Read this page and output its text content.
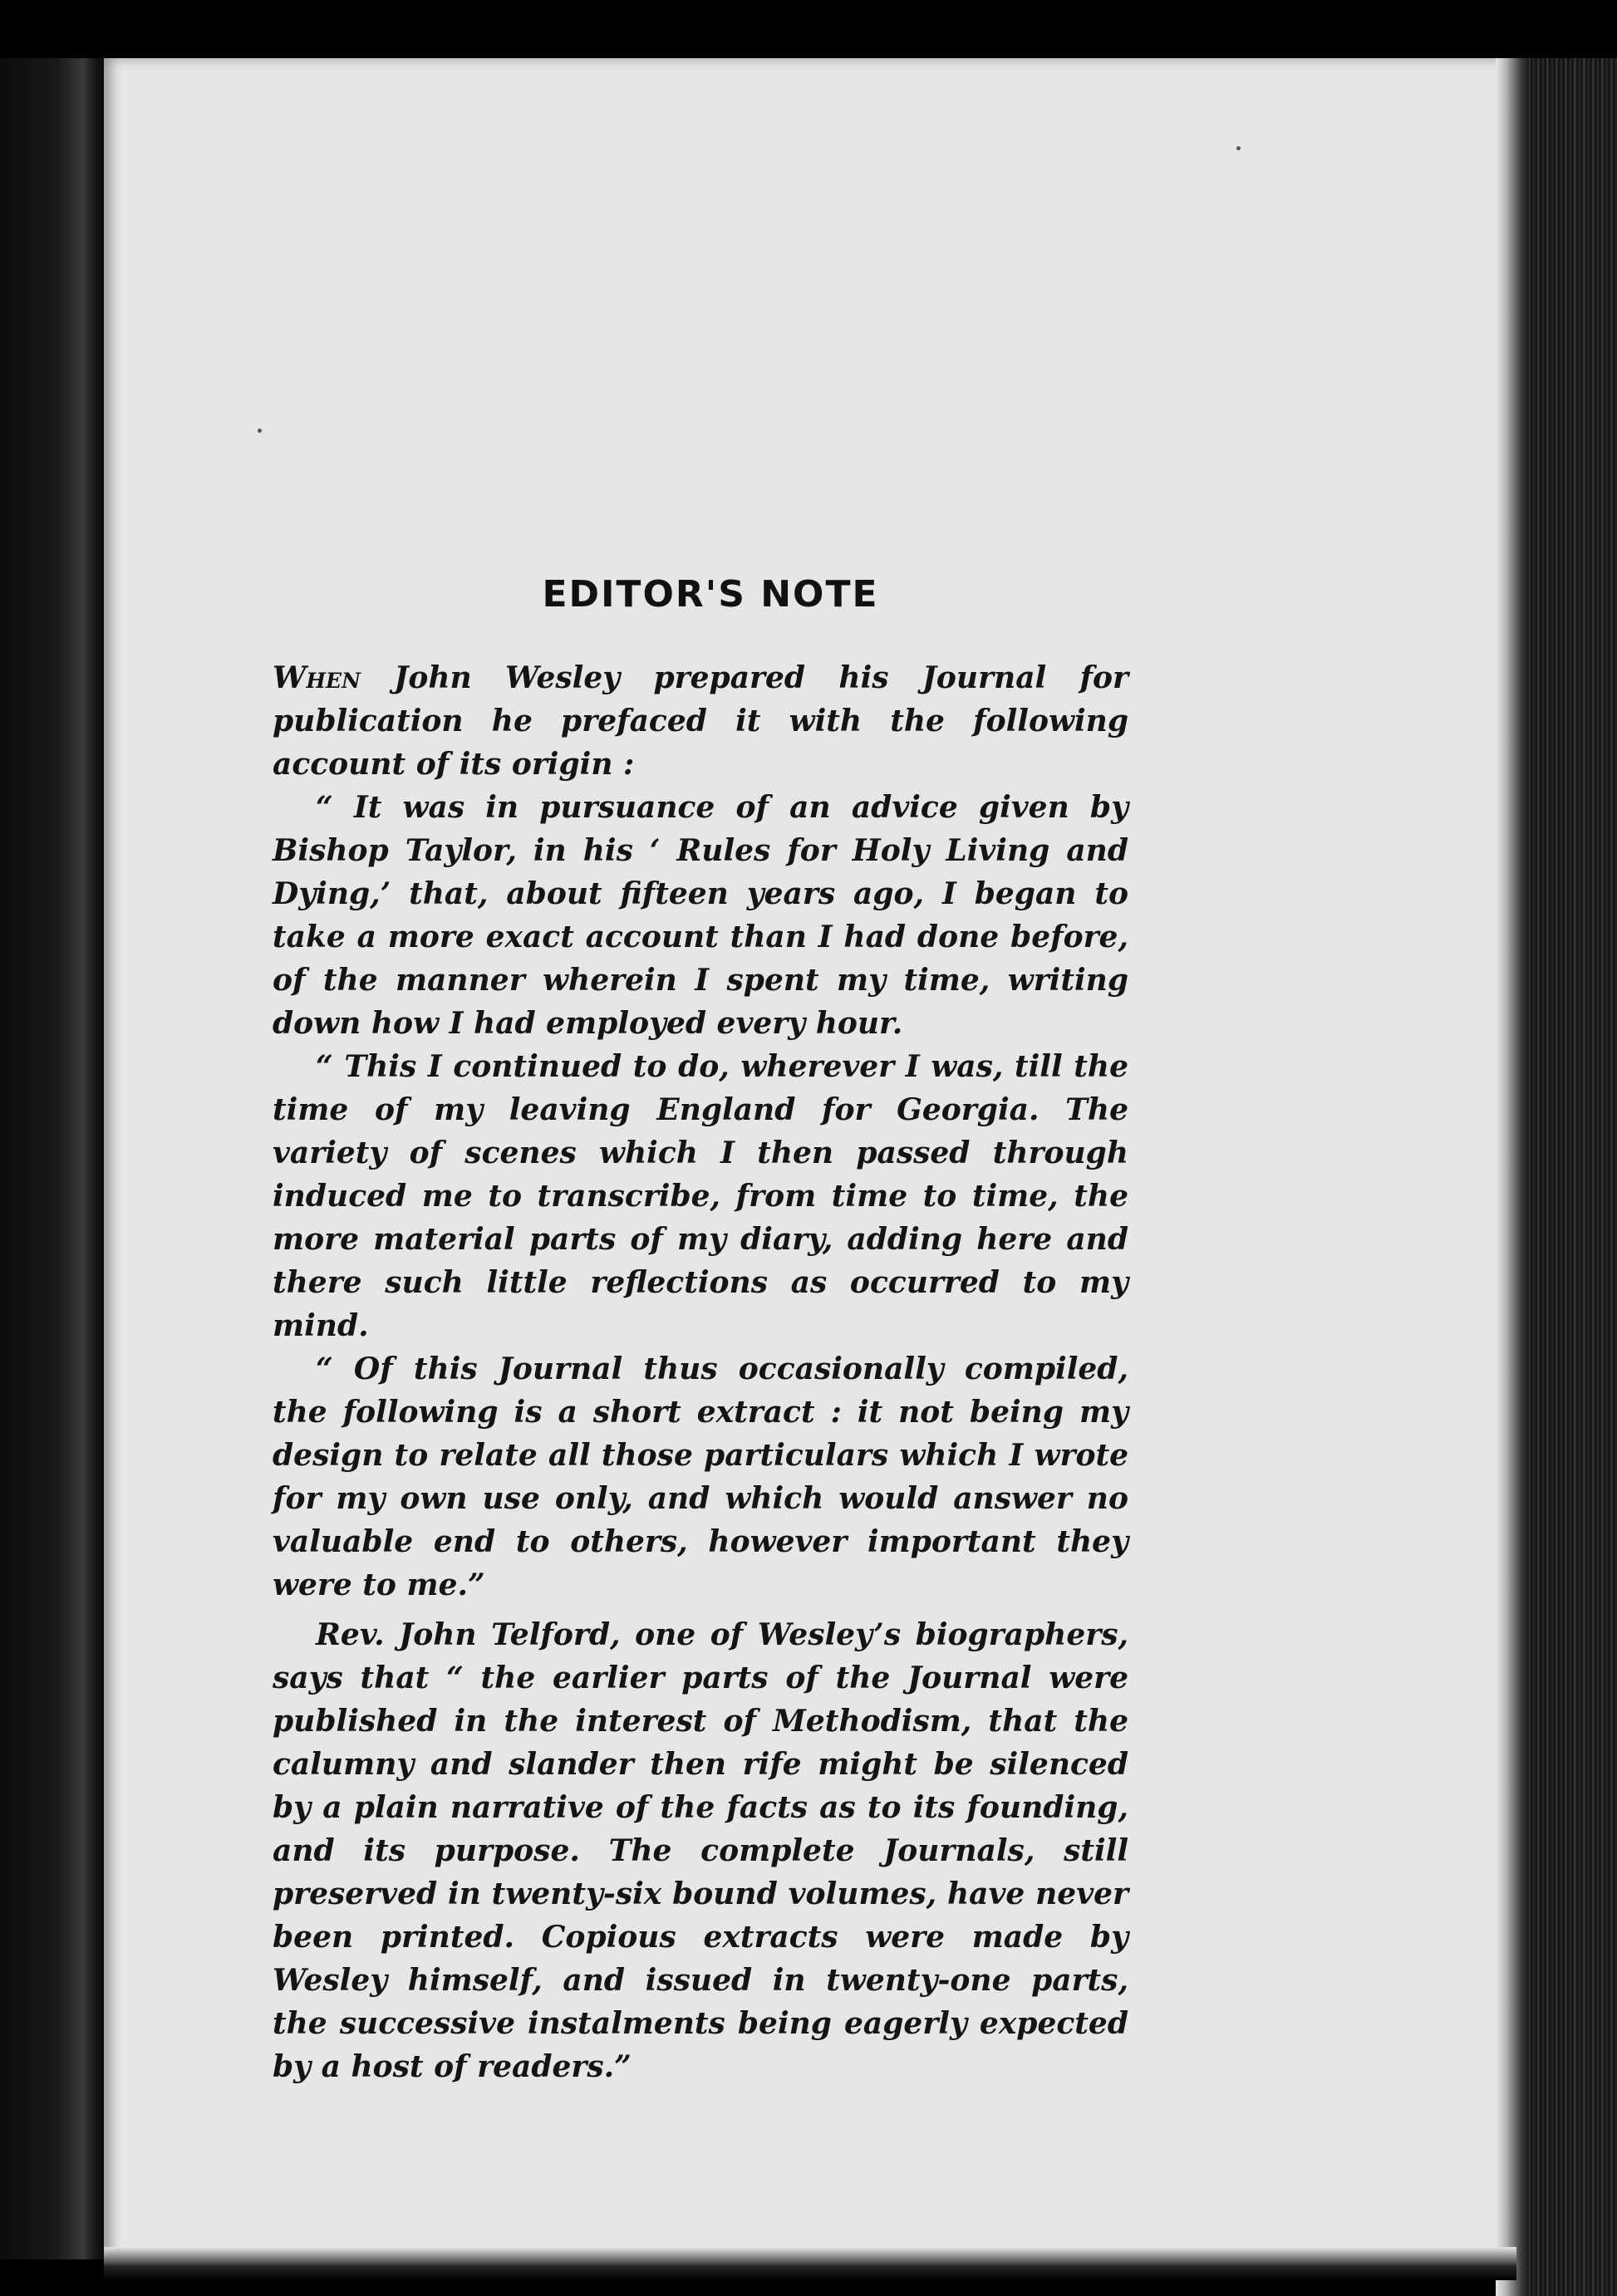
EDITOR'S NOTE

When John Wesley prepared his Journal for publication he prefaced it with the following account of its origin :

“ It was in pursuance of an advice given by Bishop Taylor, in his ‘ Rules for Holy Living and Dying,’ that, about fifteen years ago, I began to take a more exact account than I had done before, of the manner wherein I spent my time, writing down how I had employed every hour.

“ This I continued to do, wherever I was, till the time of my leaving England for Georgia. The variety of scenes which I then passed through induced me to transcribe, from time to time, the more material parts of my diary, adding here and there such little reflections as occurred to my mind.

“ Of this Journal thus occasionally compiled, the following is a short extract : it not being my design to relate all those particulars which I wrote for my own use only, and which would answer no valuable end to others, however important they were to me.”

Rev. John Telford, one of Wesley’s biographers, says that “ the earlier parts of the Journal were published in the interest of Methodism, that the calumny and slander then rife might be silenced by a plain narrative of the facts as to its founding, and its purpose. The complete Journals, still preserved in twenty-six bound volumes, have never been printed. Copious extracts were made by Wesley himself, and issued in twenty-one parts, the successive instalments being eagerly expected by a host of readers.”
